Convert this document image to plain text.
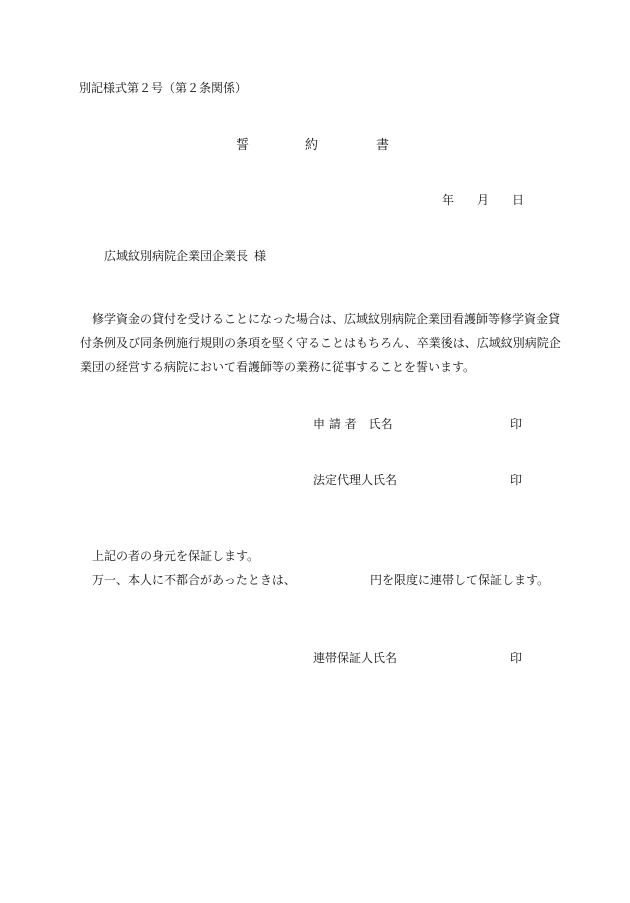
別記様式第２号（第２条関係）
誓	約	書
年 月 日
広域紋別病院企業団企業長 様
　修学資金の貸付を受けることになった場合は、広域紋別病院企業団看護師等修学資金貸
付条例及び同条例施行規則の条項を堅く守ることはもちろん、卒業後は、広域紋別病院企
業団の経営する病院において看護師等の業務に従事することを誓います。
申 請 者　氏名	印
法定代理人氏名	印
上記の者の身元を保証します。
万一、本人に不都合があったときは、	円を限度に連帯して保証します。
連帯保証人氏名	印
